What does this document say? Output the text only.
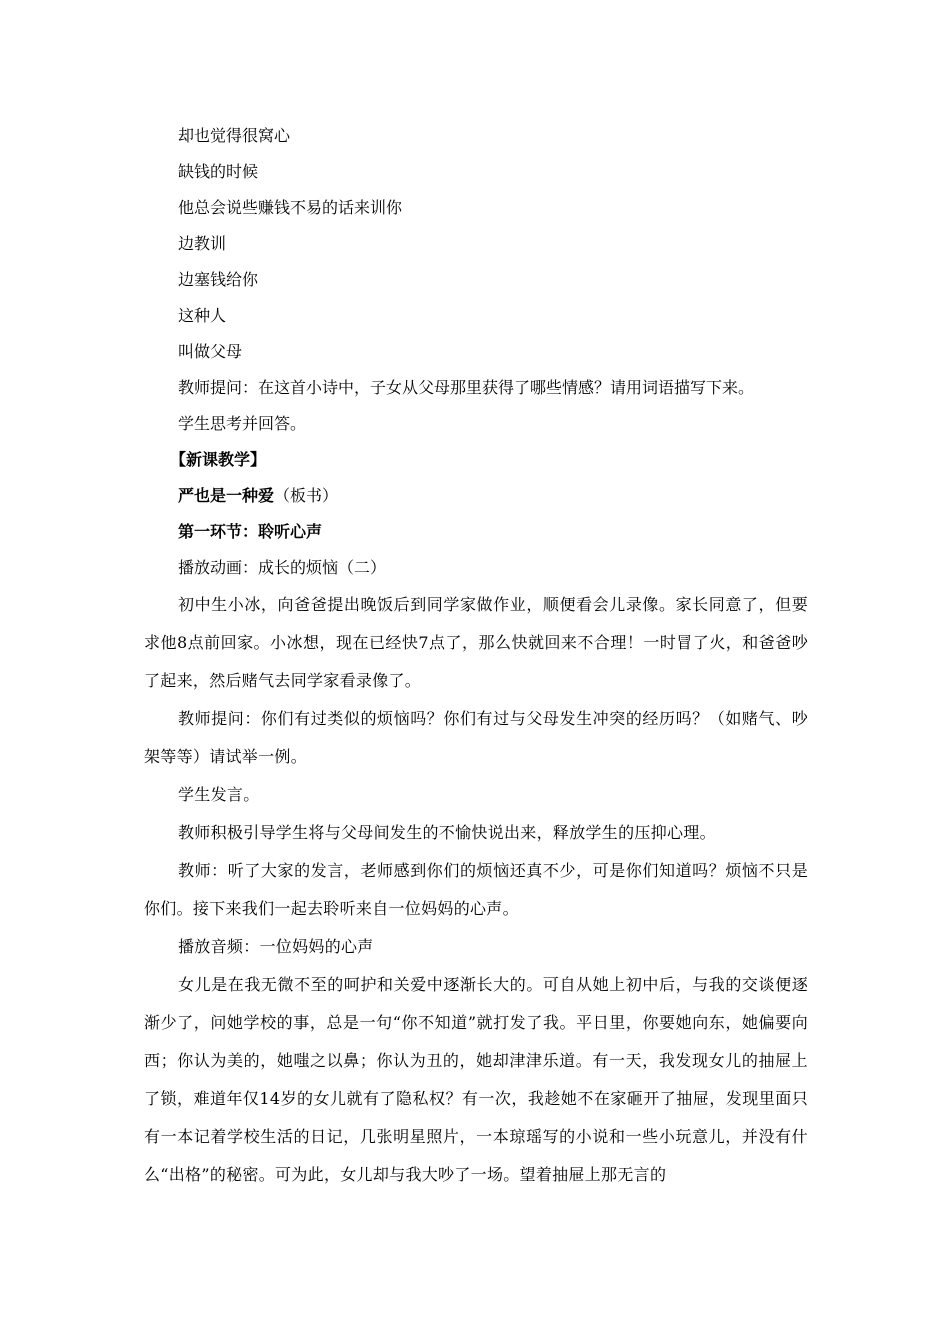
却也觉得很窝心

缺钱的时候

他总会说些赚钱不易的话来训你

边教训

边塞钱给你

这种人

叫做父母

教师提问：在这首小诗中，子女从父母那里获得了哪些情感？请用词语描写下来。

学生思考并回答。

【新课教学】

严也是一种爱（板书）

第一环节：聆听心声

播放动画：成长的烦恼（二）

初中生小冰，向爸爸提出晚饭后到同学家做作业，顺便看会儿录像。家长同意了，但要求他8点前回家。小冰想，现在已经快7点了，那么快就回来不合理！一时冒了火，和爸爸吵了起来，然后赌气去同学家看录像了。

教师提问：你们有过类似的烦恼吗？你们有过与父母发生冲突的经历吗？（如赌气、吵架等等）请试举一例。

学生发言。

教师积极引导学生将与父母间发生的不愉快说出来，释放学生的压抑心理。

教师：听了大家的发言，老师感到你们的烦恼还真不少，可是你们知道吗？烦恼不只是你们。接下来我们一起去聆听来自一位妈妈的心声。

播放音频：一位妈妈的心声

女儿是在我无微不至的呵护和关爱中逐渐长大的。可自从她上初中后，与我的交谈便逐渐少了，问她学校的事，总是一句“你不知道”就打发了我。平日里，你要她向东，她偏要向西；你认为美的，她嗤之以鼻；你认为丑的，她却津津乐道。有一天，我发现女儿的抽屉上了锁，难道年仅14岁的女儿就有了隐私权？有一次，我趁她不在家砸开了抽屉，发现里面只有一本记着学校生活的日记，几张明星照片，一本琼瑶写的小说和一些小玩意儿，并没有什么“出格”的秘密。可为此，女儿却与我大吵了一场。望着抽屉上那无言的
